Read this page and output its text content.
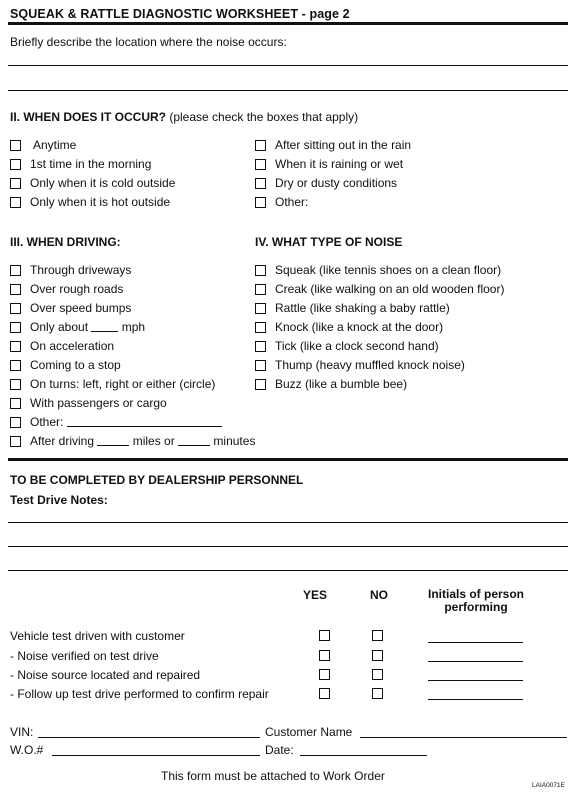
SQUEAK & RATTLE DIAGNOSTIC WORKSHEET - page 2
Briefly describe the location where the noise occurs:
II. WHEN DOES IT OCCUR? (please check the boxes that apply)
Anytime
1st time in the morning
Only when it is cold outside
Only when it is hot outside
After sitting out in the rain
When it is raining or wet
Dry or dusty conditions
Other:
III. WHEN DRIVING:
Through driveways
Over rough roads
Over speed bumps
Only about

	mph
On acceleration
Coming to a stop
On turns: left, right or either (circle)
With passengers or cargo
Other:

After driving

	miles or

	minutes
IV. WHAT TYPE OF NOISE
Squeak (like tennis shoes on a clean floor)
Creak (like walking on an old wooden floor)
Rattle (like shaking a baby rattle)
Knock (like a knock at the door)
Tick (like a clock second hand)
Thump (heavy muffled knock noise)
Buzz (like a bumble bee)
TO BE COMPLETED BY DEALERSHIP PERSONNEL
Test Drive Notes:
YES	NO	Initials of person
performing
Vehicle test driven with customer
- Noise verified on test drive
- Noise source located and repaired
- Follow up test drive performed to confirm repair
VIN:	Customer Name
W.O.#	Date:
This form must be attached to Work Order
LAIA0071E
